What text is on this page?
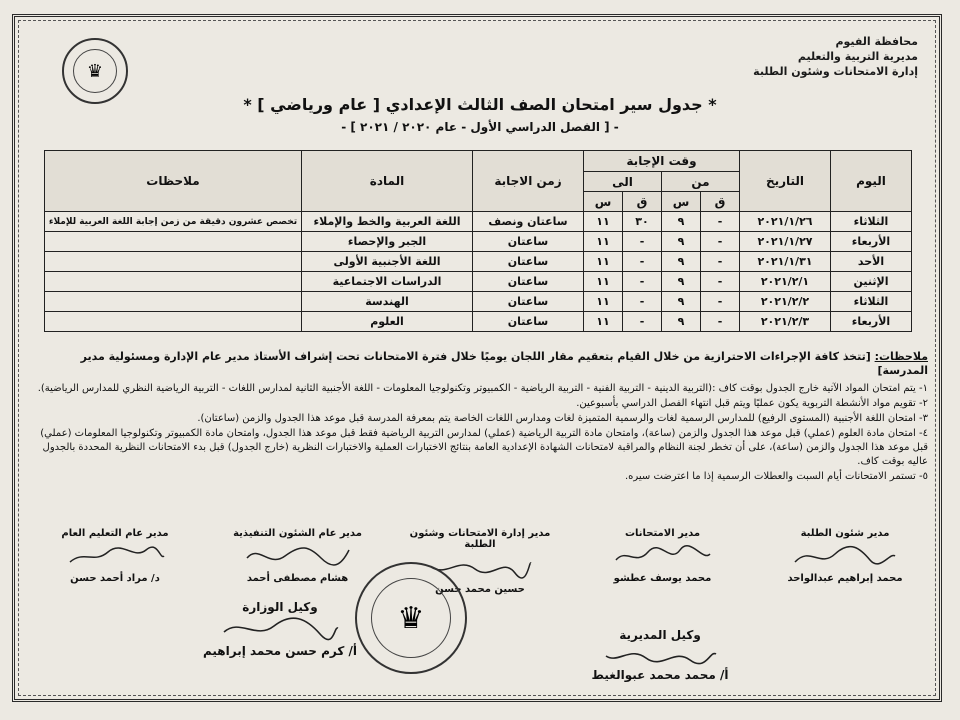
محافظة الفيوم
مديرية التربية والتعليم
إدارة الامتحانات وشئون الطلبة
♛
* جدول سير امتحان الصف الثالث الإعدادي [ عام ورياضي ] *
- [ الفصل الدراسي الأول - عام ٢٠٢٠ / ٢٠٢١ ] -
اليوم	التاريخ	وقت الإجابة				زمن الاجابة	المادة	ملاحظات
		من		الى				
		ق	س	ق	س			
الثلاثاء	٢٠٢١/١/٢٦	-	٩	٣٠	١١	ساعتان ونصف	اللغة العربية والخط والإملاء	تخصص عشرون دقيقة من زمن إجابة اللغة العربية للإملاء
الأربعاء	٢٠٢١/١/٢٧	-	٩	-	١١	ساعتان	الجبر والإحصاء	
الأحد	٢٠٢١/١/٣١	-	٩	-	١١	ساعتان	اللغة الأجنبية الأولى	
الإثنين	٢٠٢١/٢/١	-	٩	-	١١	ساعتان	الدراسات الاجتماعية	
الثلاثاء	٢٠٢١/٢/٢	-	٩	-	١١	ساعتان	الهندسة	
الأربعاء	٢٠٢١/٢/٣	-	٩	-	١١	ساعتان	العلوم	
ملاحظات: [تتخذ كافة الإجراءات الاحترازية من خلال القيام بتعقيم مقار اللجان يوميًا خلال فترة الامتحانات تحت إشراف الأستاذ مدير عام الإدارة ومسئولية مدير المدرسة]
١- يتم امتحان المواد الآتية خارج الجدول بوقت كاف :(التربية الدينية - التربية الفنية - التربية الرياضية - الكمبيوتر وتكنولوجيا المعلومات - اللغة الأجنبية الثانية لمدارس اللغات - التربية الرياضية النظري للمدارس الرياضية).
٢- تقويم مواد الأنشطة التربوية يكون عمليًا ويتم قبل انتهاء الفصل الدراسي بأسبوعين.
٣- امتحان اللغة الأجنبية (المستوى الرفيع) للمدارس الرسمية لغات والرسمية المتميزة لغات ومدارس اللغات الخاصة يتم بمعرفة المدرسة قبل موعد هذا الجدول والزمن (ساعتان).
٤- امتحان مادة العلوم (عملي) قبل موعد هذا الجدول والزمن (ساعة)، وامتحان مادة التربية الرياضية (عملي) لمدارس التربية الرياضية فقط قبل موعد هذا الجدول، وامتحان مادة الكمبيوتر وتكنولوجيا المعلومات (عملي) قبل موعد هذا الجدول والزمن (ساعة)، على أن تخطر لجنة النظام والمراقبة لامتحانات الشهادة الإعدادية العامة بنتائج الاختبارات العملية والاختبارات النظرية (خارج الجدول) قبل بدء الامتحانات النظرية المحددة بالجدول عاليه بوقت كاف.
٥- تستمر الامتحانات أيام السبت والعطلات الرسمية إذا ما اعترضت سيره.
مدير شئون الطلبة
محمد إبراهيم عبدالواحد
مدير الامتحانات
محمد يوسف عطشو
مدير إدارة الامتحانات وشئون الطلبة
حسين محمد حسن
مدير عام الشئون التنفيذية
هشام مصطفى أحمد
مدير عام التعليم العام
د/ مراد أحمد حسن
♛
وكيل الوزارة
أ/ كرم حسن محمد إبراهيم
وكيل المديرية
أ/ محمد محمد عبوالغيط
